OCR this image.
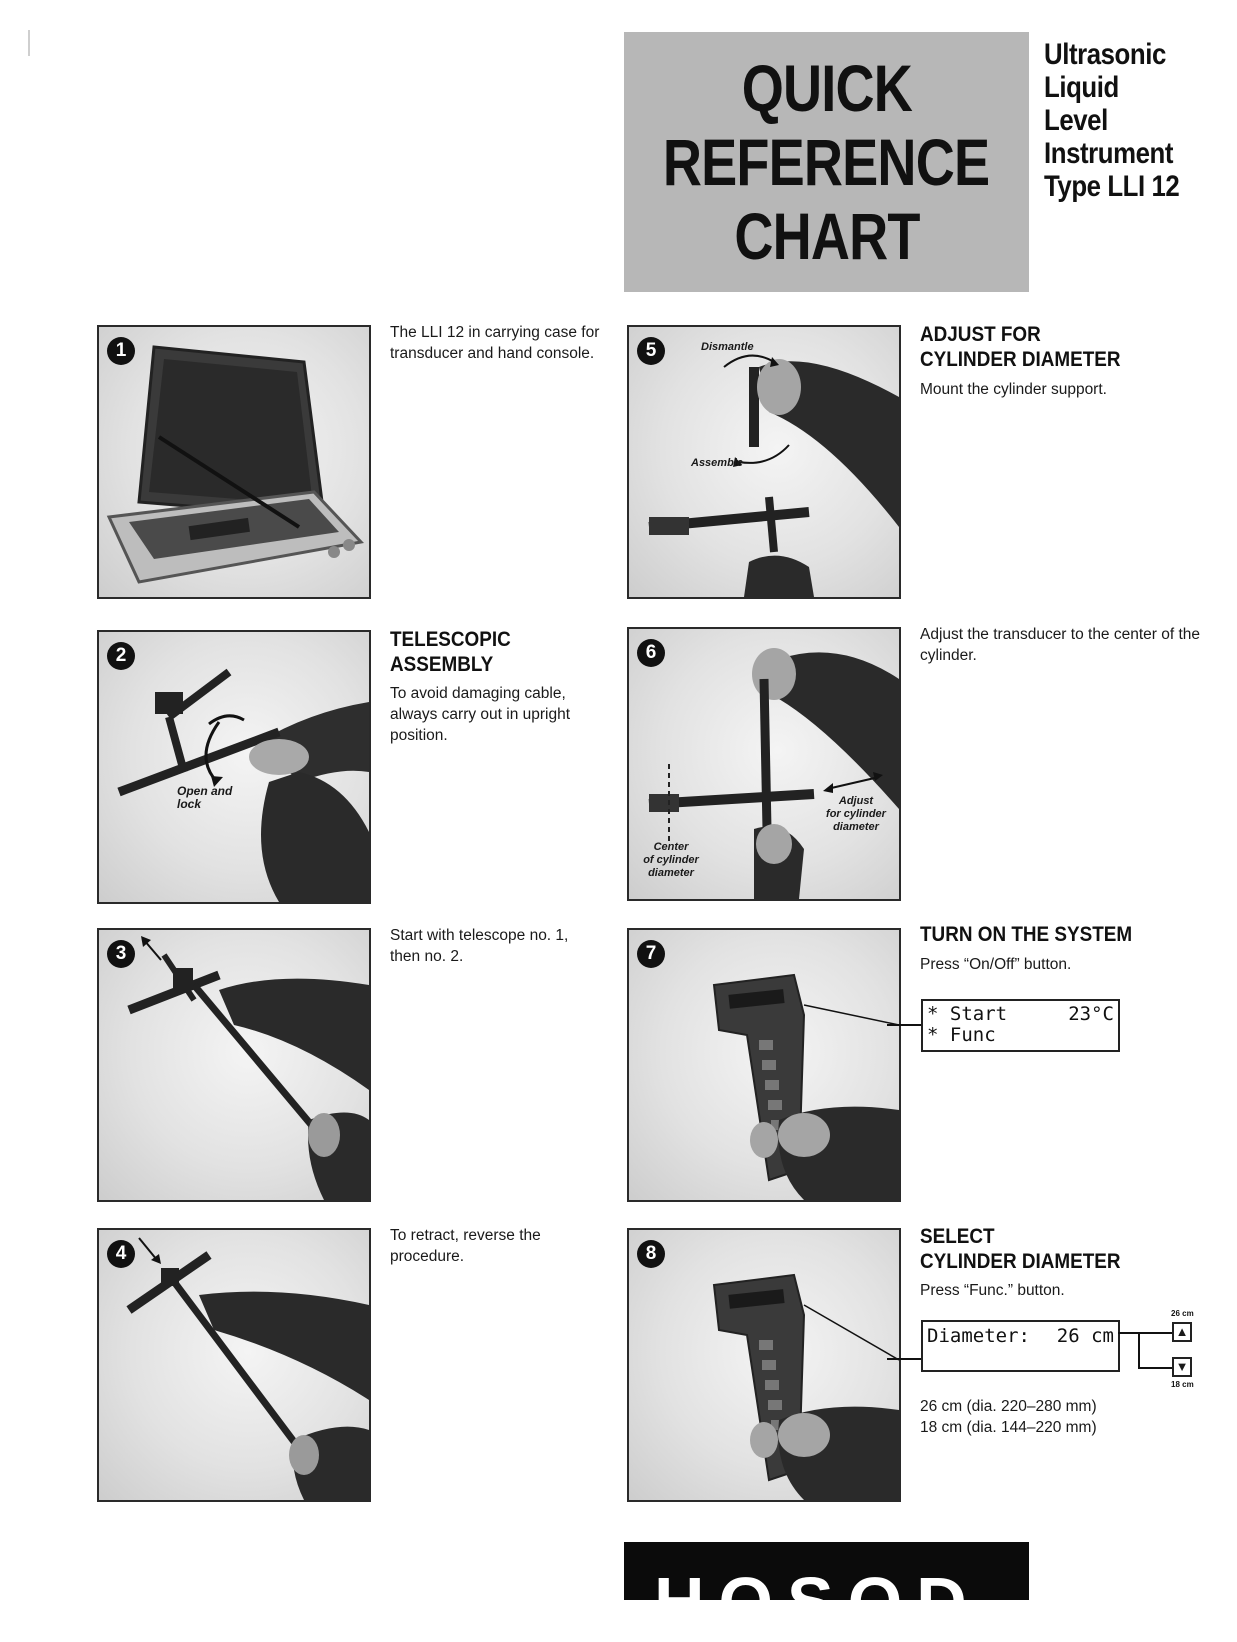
QUICK
REFERENCE
CHART
Ultrasonic
Liquid
Level
Instrument
Type LLI 12
1
The LLI 12 in carrying case for transducer and hand console.
2
Open and lock
TELESCOPIC ASSEMBLY
To avoid damaging cable, always carry out in upright position.
3
Start with telescope no. 1, then no. 2.
4
To retract, reverse the procedure.
5	Dismantle
Assemble
ADJUST FOR
CYLINDER DIAMETER
Mount the cylinder support.
6
Adjust
for cylinder
diameter
Center
of cylinder
diameter
Adjust the transducer to the center of the cylinder.
7
TURN ON THE SYSTEM
Press “On/Off” button.
* Start	23°C
* Func
8
SELECT
CYLINDER DIAMETER
Press “Func.” button.
Diameter: 26 cm
26 cm
▲
▼
18 cm
26 cm (dia. 220–280 mm)
18 cm (dia. 144–220 mm)
HOSOD
